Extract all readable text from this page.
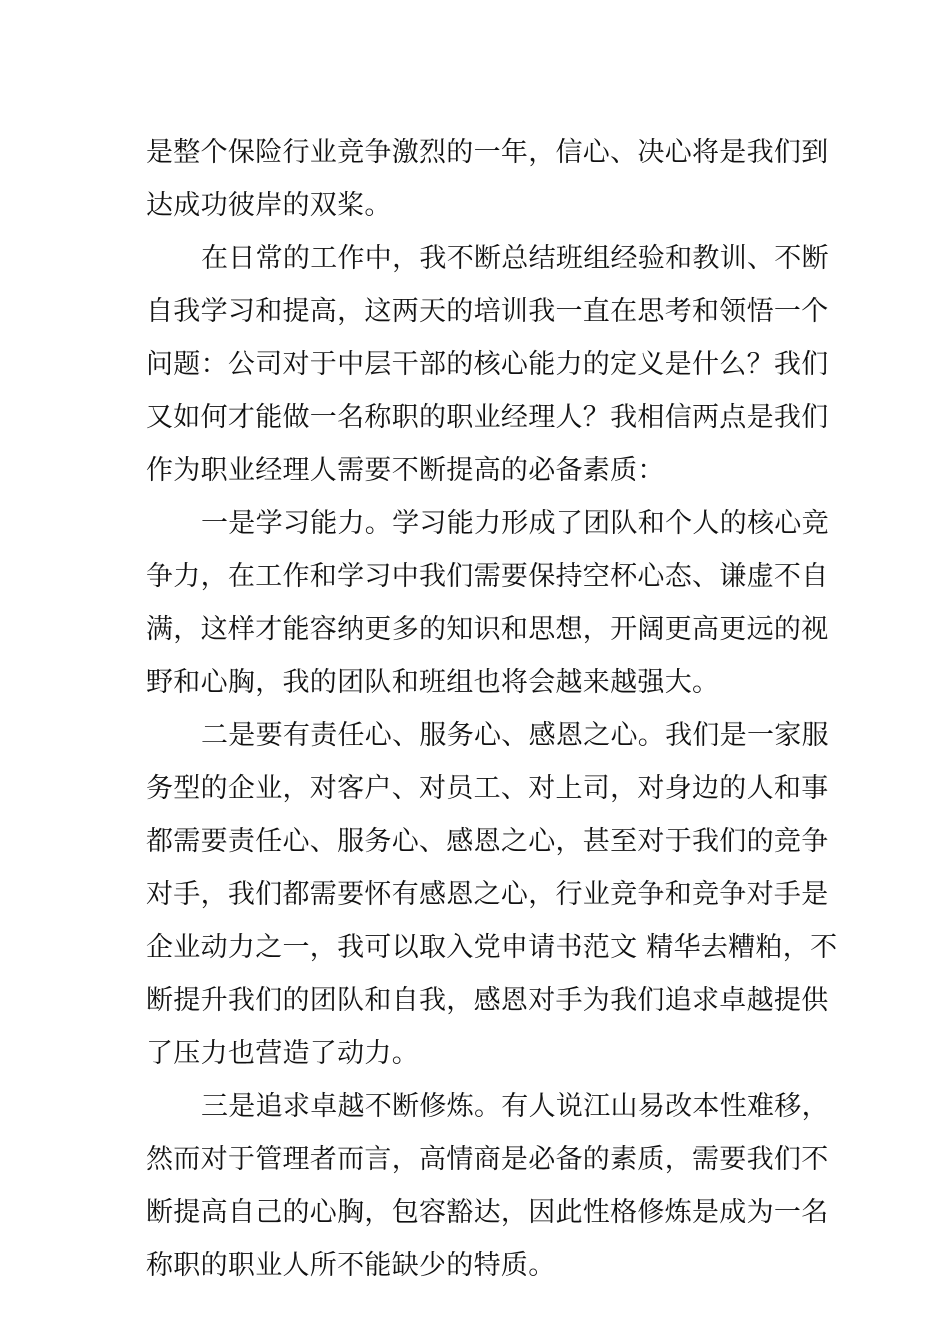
是整个保险行业竞争激烈的一年，信心、决心将是我们到
达成功彼岸的双桨。
在日常的工作中，我不断总结班组经验和教训、不断
自我学习和提高，这两天的培训我一直在思考和领悟一个
问题：公司对于中层干部的核心能力的定义是什么？我们
又如何才能做一名称职的职业经理人？我相信两点是我们
作为职业经理人需要不断提高的必备素质：
一是学习能力。学习能力形成了团队和个人的核心竞
争力，在工作和学习中我们需要保持空杯心态、谦虚不自
满，这样才能容纳更多的知识和思想，开阔更高更远的视
野和心胸，我的团队和班组也将会越来越强大。
二是要有责任心、服务心、感恩之心。我们是一家服
务型的企业，对客户、对员工、对上司，对身边的人和事
都需要责任心、服务心、感恩之心，甚至对于我们的竞争
对手，我们都需要怀有感恩之心，行业竞争和竞争对手是
企业动力之一，我可以取入党申请书范文 精华去糟粕，不
断提升我们的团队和自我，感恩对手为我们追求卓越提供
了压力也营造了动力。
三是追求卓越不断修炼。有人说江山易改本性难移，
然而对于管理者而言，高情商是必备的素质，需要我们不
断提高自己的心胸，包容豁达，因此性格修炼是成为一名
称职的职业人所不能缺少的特质。
